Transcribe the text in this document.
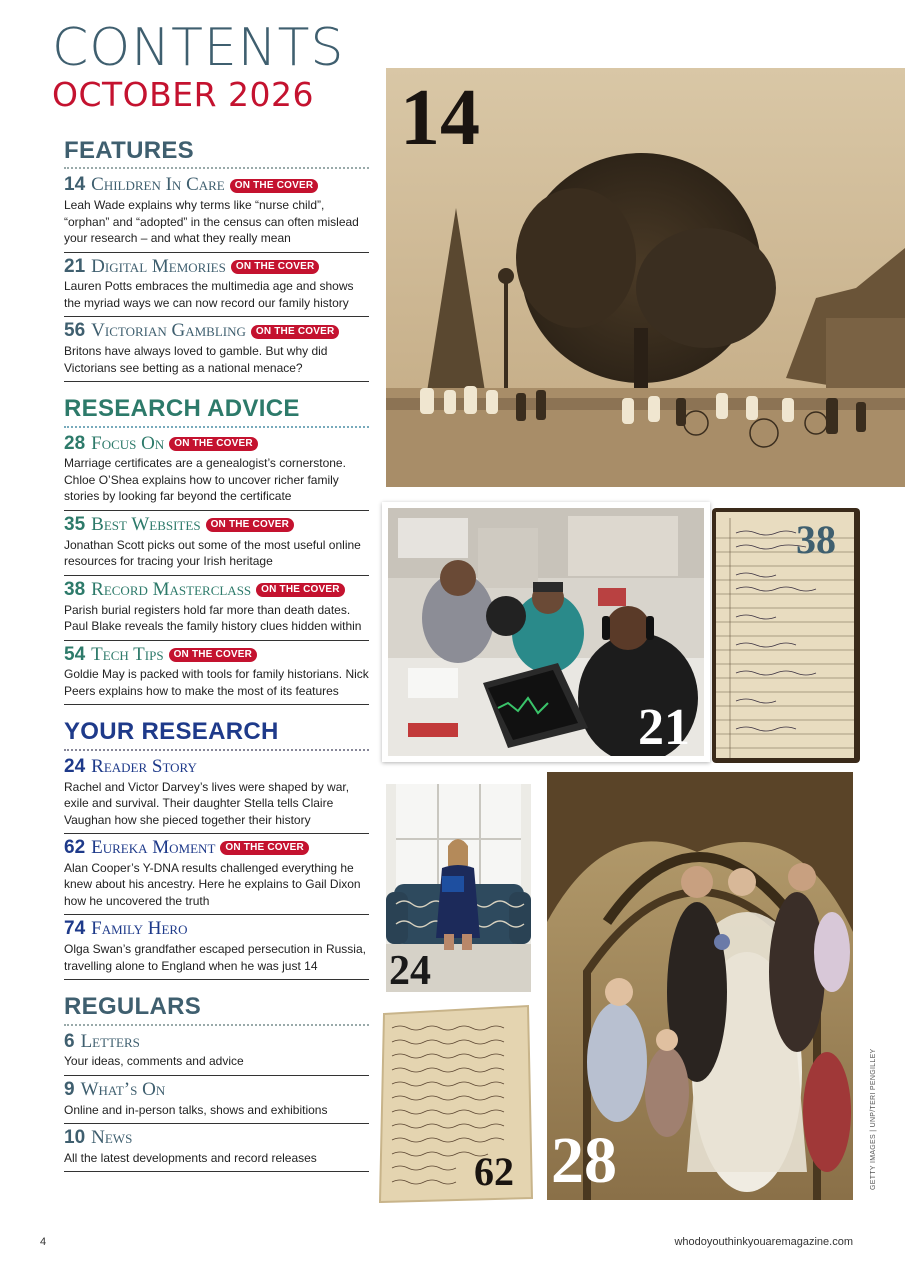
CONTENTS
OCTOBER 2026
FEATURES
14 Children In Care	ON THE COVER
Leah Wade explains why terms like “nurse child”, “orphan” and “adopted” in the census can often mislead your research – and what they really mean
21 Digital Memories	ON THE COVER
Lauren Potts embraces the multimedia age and shows the myriad ways we can now record our family history
56 Victorian Gambling	ON THE COVER
Britons have always loved to gamble. But why did Victorians see betting as a national menace?
RESEARCH ADVICE
28 Focus On	ON THE COVER
Marriage certificates are a genealogist’s cornerstone. Chloe O’Shea explains how to uncover richer family stories by looking far beyond the certificate
35 Best Websites	ON THE COVER
Jonathan Scott picks out some of the most useful online resources for tracing your Irish heritage
38 Record Masterclass	ON THE COVER
Parish burial registers hold far more than death dates. Paul Blake reveals the family history clues hidden within
54 Tech Tips	ON THE COVER
Goldie May is packed with tools for family historians. Nick Peers explains how to make the most of its features
YOUR RESEARCH
24 Reader Story
Rachel and Victor Darvey’s lives were shaped by war, exile and survival. Their daughter Stella tells Claire Vaughan how she pieced together their history
62 Eureka Moment	ON THE COVER
Alan Cooper’s Y-DNA results challenged everything he knew about his ancestry. Here he explains to Gail Dixon how he uncovered the truth
74 Family Hero
Olga Swan’s grandfather escaped persecution in Russia, travelling alone to England when he was just 14
REGULARS
6 Letters
Your ideas, comments and advice
9 What’s On
Online and in-person talks, shows and exhibitions
10 News
All the latest developments and record releases
14
21
38
24
28
62	GETTY IMAGES | UNP/TERI PENGILLEY
4	whodoyouthinkyouaremagazine.com
